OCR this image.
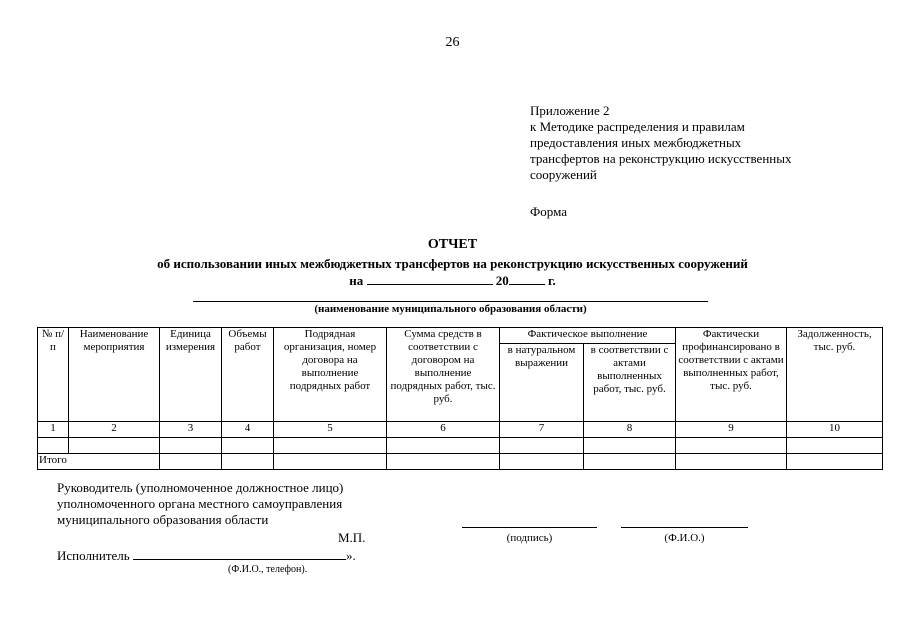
26
Приложение 2
к Методике распределения и правилам
предоставления иных межбюджетных
трансфертов на реконструкцию искусственных
сооружений
Форма
ОТЧЕТ
об использовании иных межбюджетных трансфертов на реконструкцию искусственных сооружений
на	20	г.
(наименование муниципального образования области)
№ п/п	Наименование мероприятия	Единица измерения	Объемы работ	Подрядная организация, номер договора на выполнение подрядных работ	Сумма средств в соответствии с договором на выполнение подрядных работ, тыс. руб.	Фактическое выполнение		Фактически профинансировано в соответствии с актами выполненных работ, тыс. руб.	Задолженность, тыс. руб.
						в натуральном выражении	в соответствии с актами выполненных работ, тыс. руб.		
1	2	3	4	5	6	7	8	9	10

Итого									
Руководитель (уполномоченное должностное лицо)
уполномоченного органа местного самоуправления
муниципального образования области
М.П.	(подпись)	(Ф.И.О.)
Исполнитель	».
(Ф.И.О., телефон).
